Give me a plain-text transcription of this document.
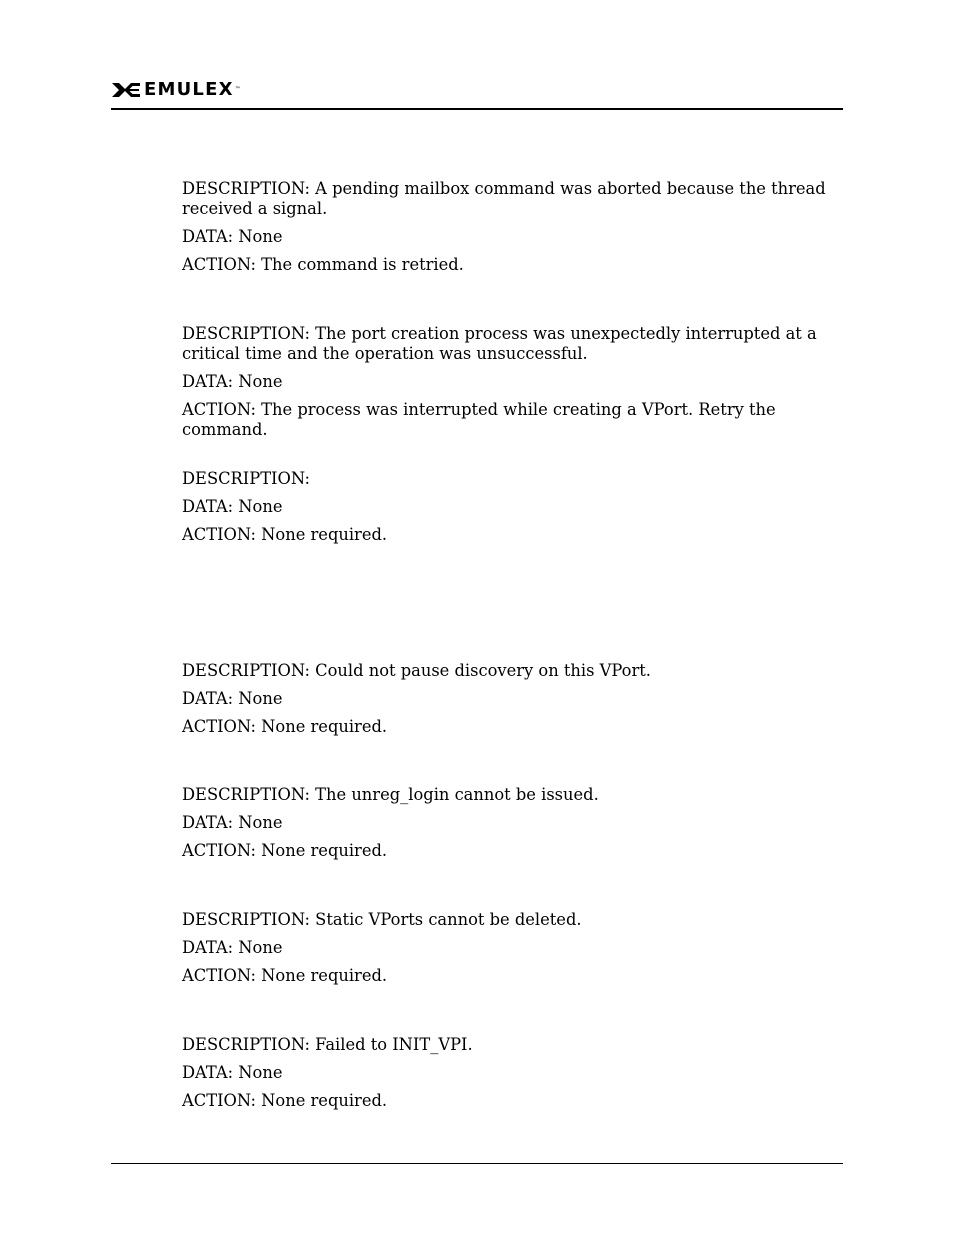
EMULEX ™

DESCRIPTION: A pending mailbox command was aborted because the thread received a signal.

DATA: None

ACTION: The command is retried.

DESCRIPTION: The port creation process was unexpectedly interrupted at a critical time and the operation was unsuccessful.

DATA: None

ACTION: The process was interrupted while creating a VPort. Retry the command.

DESCRIPTION:

DATA: None

ACTION: None required.

DESCRIPTION: Could not pause discovery on this VPort.

DATA: None

ACTION: None required.

DESCRIPTION: The unreg_login cannot be issued.

DATA: None

ACTION: None required.

DESCRIPTION: Static VPorts cannot be deleted.

DATA: None

ACTION: None required.

DESCRIPTION: Failed to INIT_VPI.

DATA: None

ACTION: None required.
